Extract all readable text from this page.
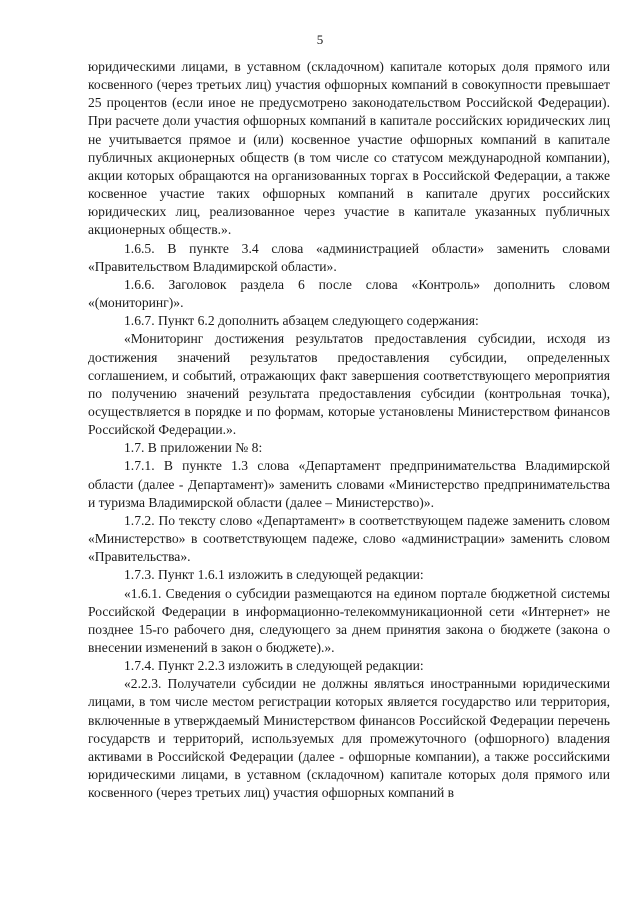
5

юридическими лицами, в уставном (складочном) капитале которых доля прямого или косвенного (через третьих лиц) участия офшорных компаний в совокупности превышает 25 процентов (если иное не предусмотрено законодательством Российской Федерации). При расчете доли участия офшорных компаний в капитале российских юридических лиц не учитывается прямое и (или) косвенное участие офшорных компаний в капитале публичных акционерных обществ (в том числе со статусом международной компании), акции которых обращаются на организованных торгах в Российской Федерации, а также косвенное участие таких офшорных компаний в капитале других российских юридических лиц, реализованное через участие в капитале указанных публичных акционерных обществ.».

1.6.5. В пункте 3.4 слова «администрацией области» заменить словами «Правительством Владимирской области».

1.6.6. Заголовок раздела 6 после слова «Контроль» дополнить словом «(мониторинг)».

1.6.7. Пункт 6.2 дополнить абзацем следующего содержания:

«Мониторинг достижения результатов предоставления субсидии, исходя из достижения значений результатов предоставления субсидии, определенных соглашением, и событий, отражающих факт завершения соответствующего мероприятия по получению значений результата предоставления субсидии (контрольная точка), осуществляется в порядке и по формам, которые установлены Министерством финансов Российской Федерации.».

1.7. В приложении № 8:

1.7.1. В пункте 1.3 слова «Департамент предпринимательства Владимирской области (далее - Департамент)» заменить словами «Министерство предпринимательства и туризма Владимирской области (далее – Министерство)».

1.7.2. По тексту слово «Департамент» в соответствующем падеже заменить словом «Министерство» в соответствующем падеже, слово «администрации» заменить словом «Правительства».

1.7.3. Пункт 1.6.1 изложить в следующей редакции:

«1.6.1. Сведения о субсидии размещаются на едином портале бюджетной системы Российской Федерации в информационно-телекоммуникационной сети «Интернет» не позднее 15-го рабочего дня, следующего за днем принятия закона о бюджете (закона о внесении изменений в закон о бюджете).».

1.7.4. Пункт 2.2.3 изложить в следующей редакции:

«2.2.3. Получатели субсидии не должны являться иностранными юридическими лицами, в том числе местом регистрации которых является государство или территория, включенные в утверждаемый Министерством финансов Российской Федерации перечень государств и территорий, используемых для промежуточного (офшорного) владения активами в Российской Федерации (далее - офшорные компании), а также российскими юридическими лицами, в уставном (складочном) капитале которых доля прямого или косвенного (через третьих лиц) участия офшорных компаний в
